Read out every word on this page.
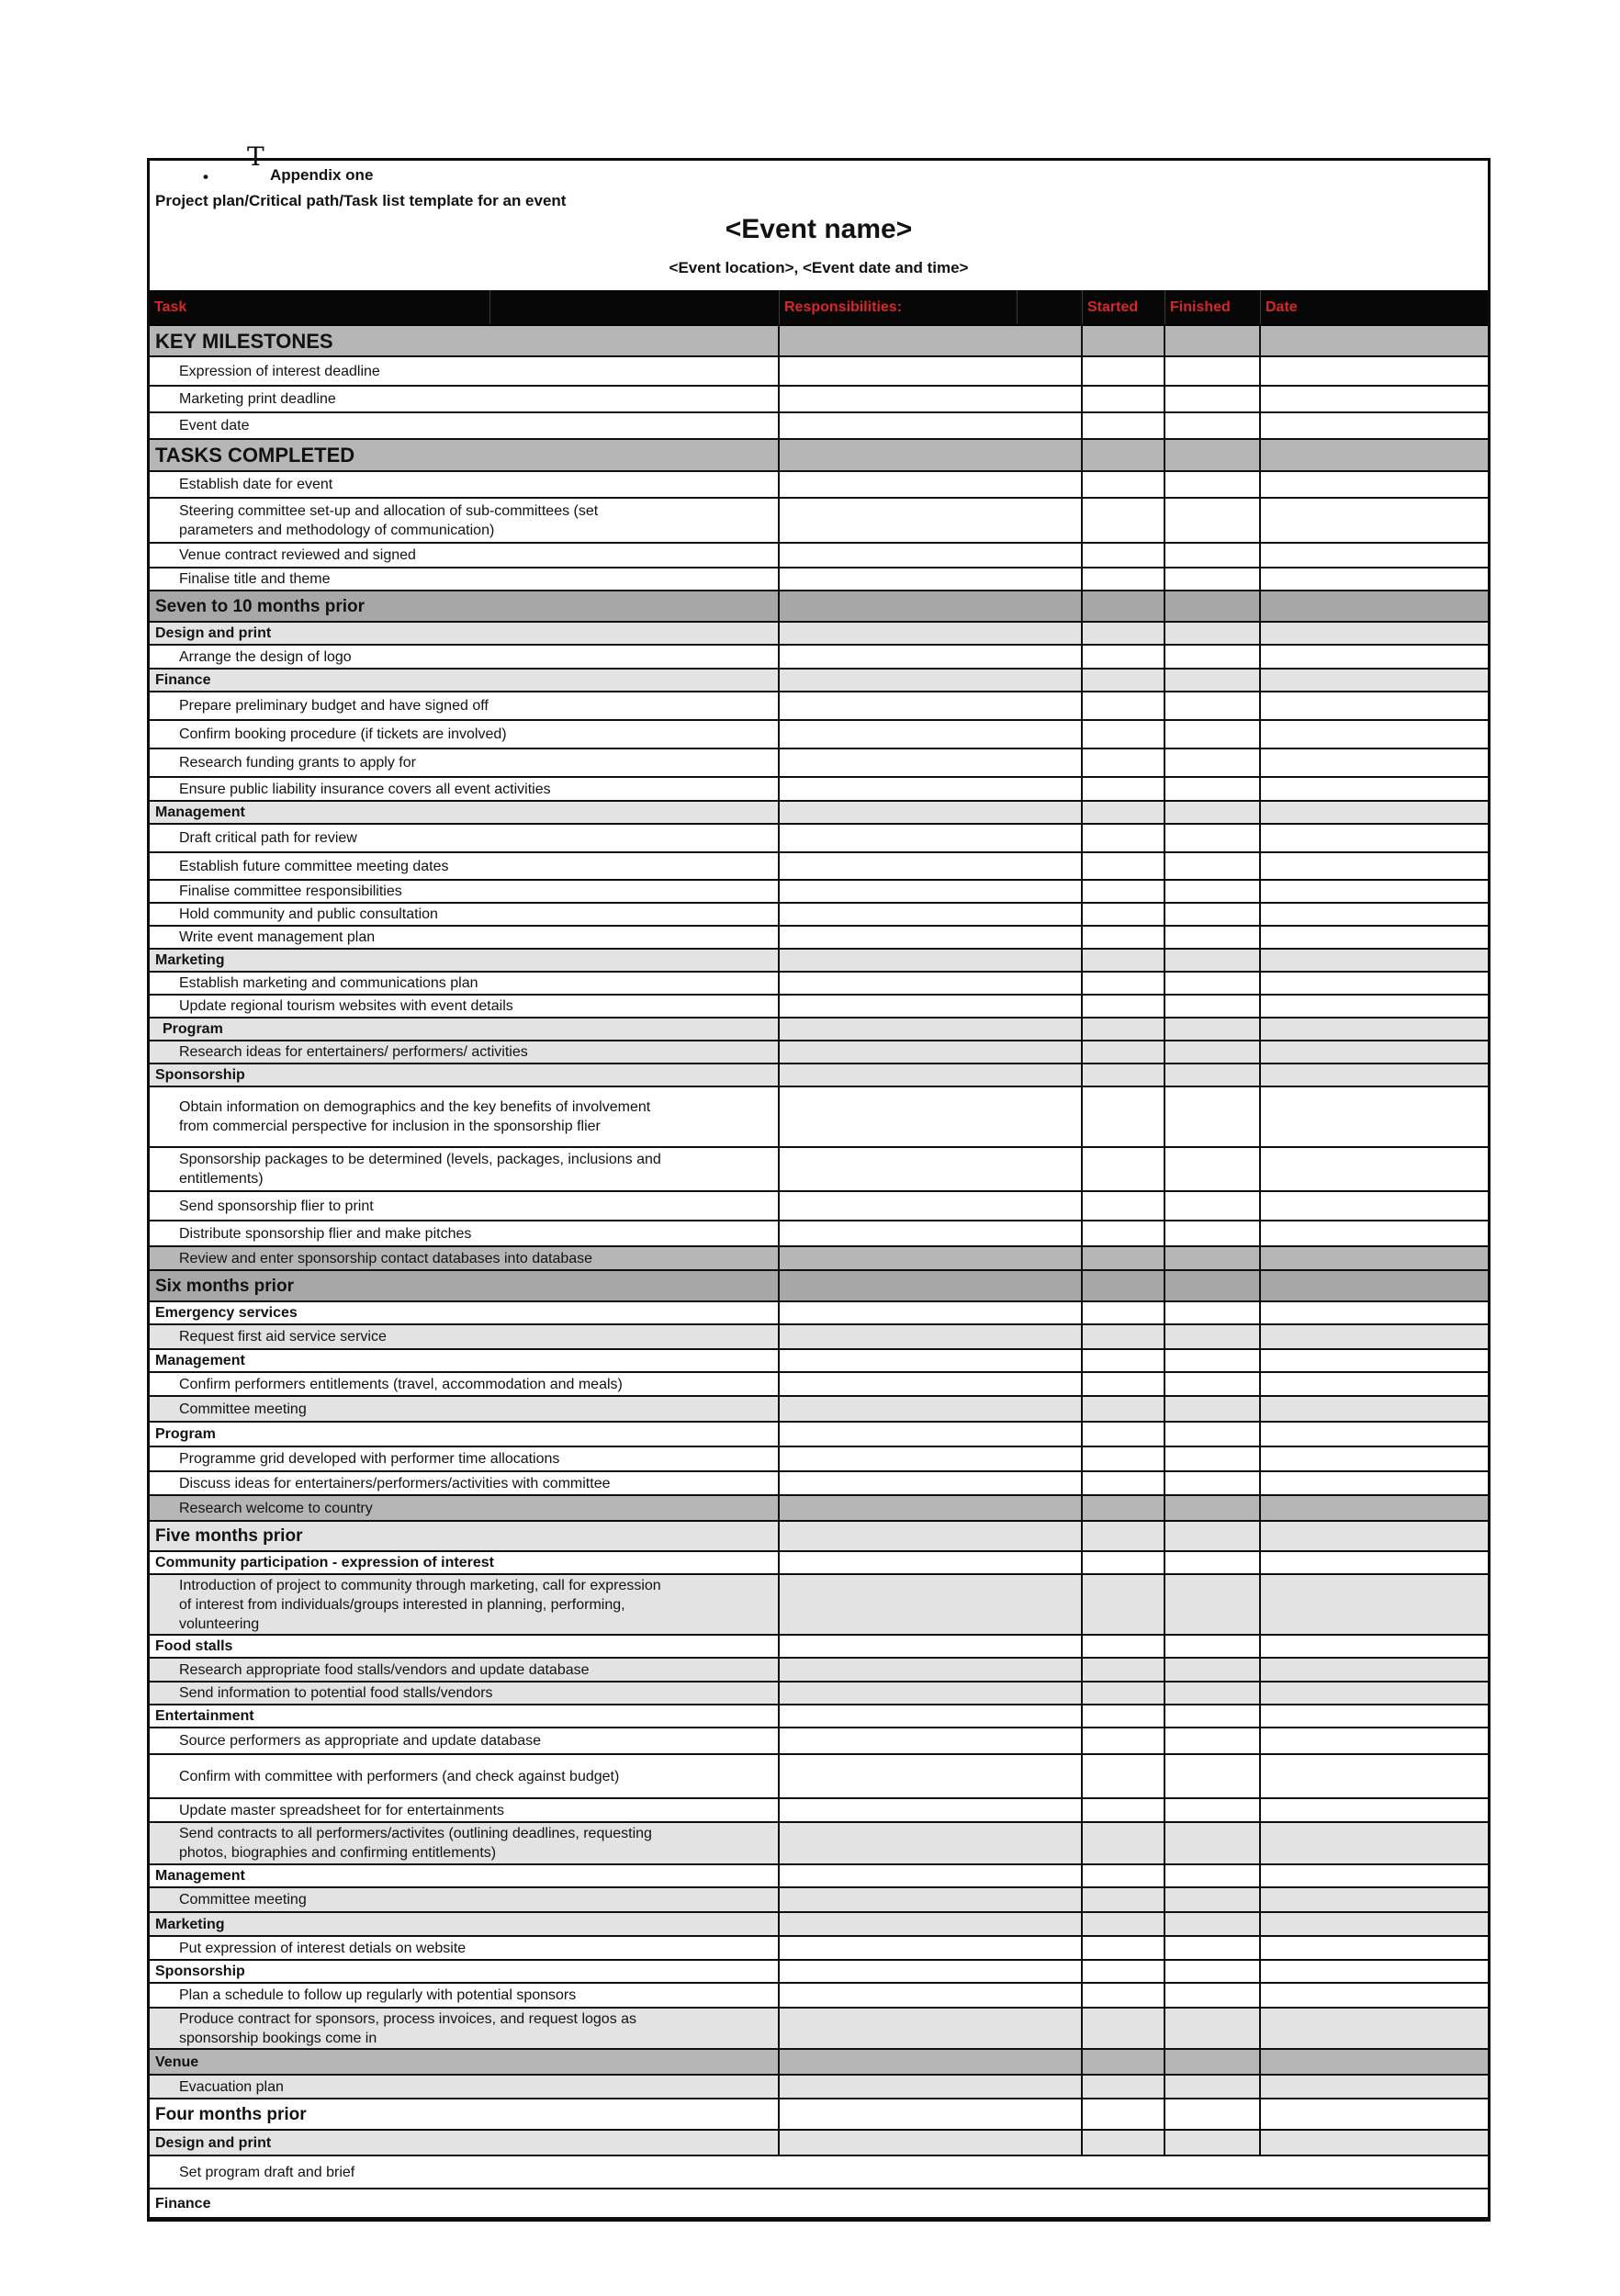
•
T
Appendix one
Project plan/Critical path/Task list template for an event
<Event name>
<Event location>, <Event date and time>
Task	Responsibilities:	Started	Finished	Date
KEY MILESTONES
Expression of interest deadline
Marketing print deadline
Event date
TASKS COMPLETED
Establish date for event
Steering committee set-up and allocation of sub-committees (set parameters and methodology of communication)
Venue contract reviewed and signed
Finalise title and theme
Seven to 10 months prior
Design and print
Arrange the design of logo
Finance
Prepare preliminary budget and have signed off
Confirm booking procedure (if tickets are involved)
Research funding grants to apply for
Ensure public liability insurance covers all event activities
Management
Draft critical path for review
Establish future committee meeting dates
Finalise committee responsibilities
Hold community and public consultation
Write event management plan
Marketing
Establish marketing and communications plan
Update regional tourism websites with event details
Program
Research ideas for entertainers/ performers/ activities
Sponsorship
Obtain information on demographics and the key benefits of involvement from commercial perspective for inclusion in the sponsorship flier
Sponsorship packages to be determined (levels, packages, inclusions and entitlements)
Send sponsorship flier to print
Distribute sponsorship flier and make pitches
Review and enter sponsorship contact databases into database
Six months prior
Emergency services
Request first aid service service
Management
Confirm performers entitlements (travel, accommodation and meals)
Committee meeting
Program
Programme grid developed with performer time allocations
Discuss ideas for entertainers/performers/activities with committee
Research welcome to country
Five months prior
Community participation - expression of interest
Introduction of project to community through marketing, call for expression of interest from individuals/groups interested in planning, performing, volunteering
Food stalls
Research appropriate food stalls/vendors and update database
Send information to potential food stalls/vendors
Entertainment
Source performers as appropriate and update database
Confirm with committee with performers (and check against budget)
Update master spreadsheet for for entertainments
Send contracts to all performers/activites (outlining deadlines, requesting photos, biographies and confirming entitlements)
Management
Committee meeting
Marketing
Put expression of interest detials on website
Sponsorship
Plan a schedule to follow up regularly with potential sponsors
Produce contract for sponsors, process invoices, and request logos as sponsorship bookings come in
Venue
Evacuation plan
Four months prior
Design and print
Set program draft and brief
Finance
